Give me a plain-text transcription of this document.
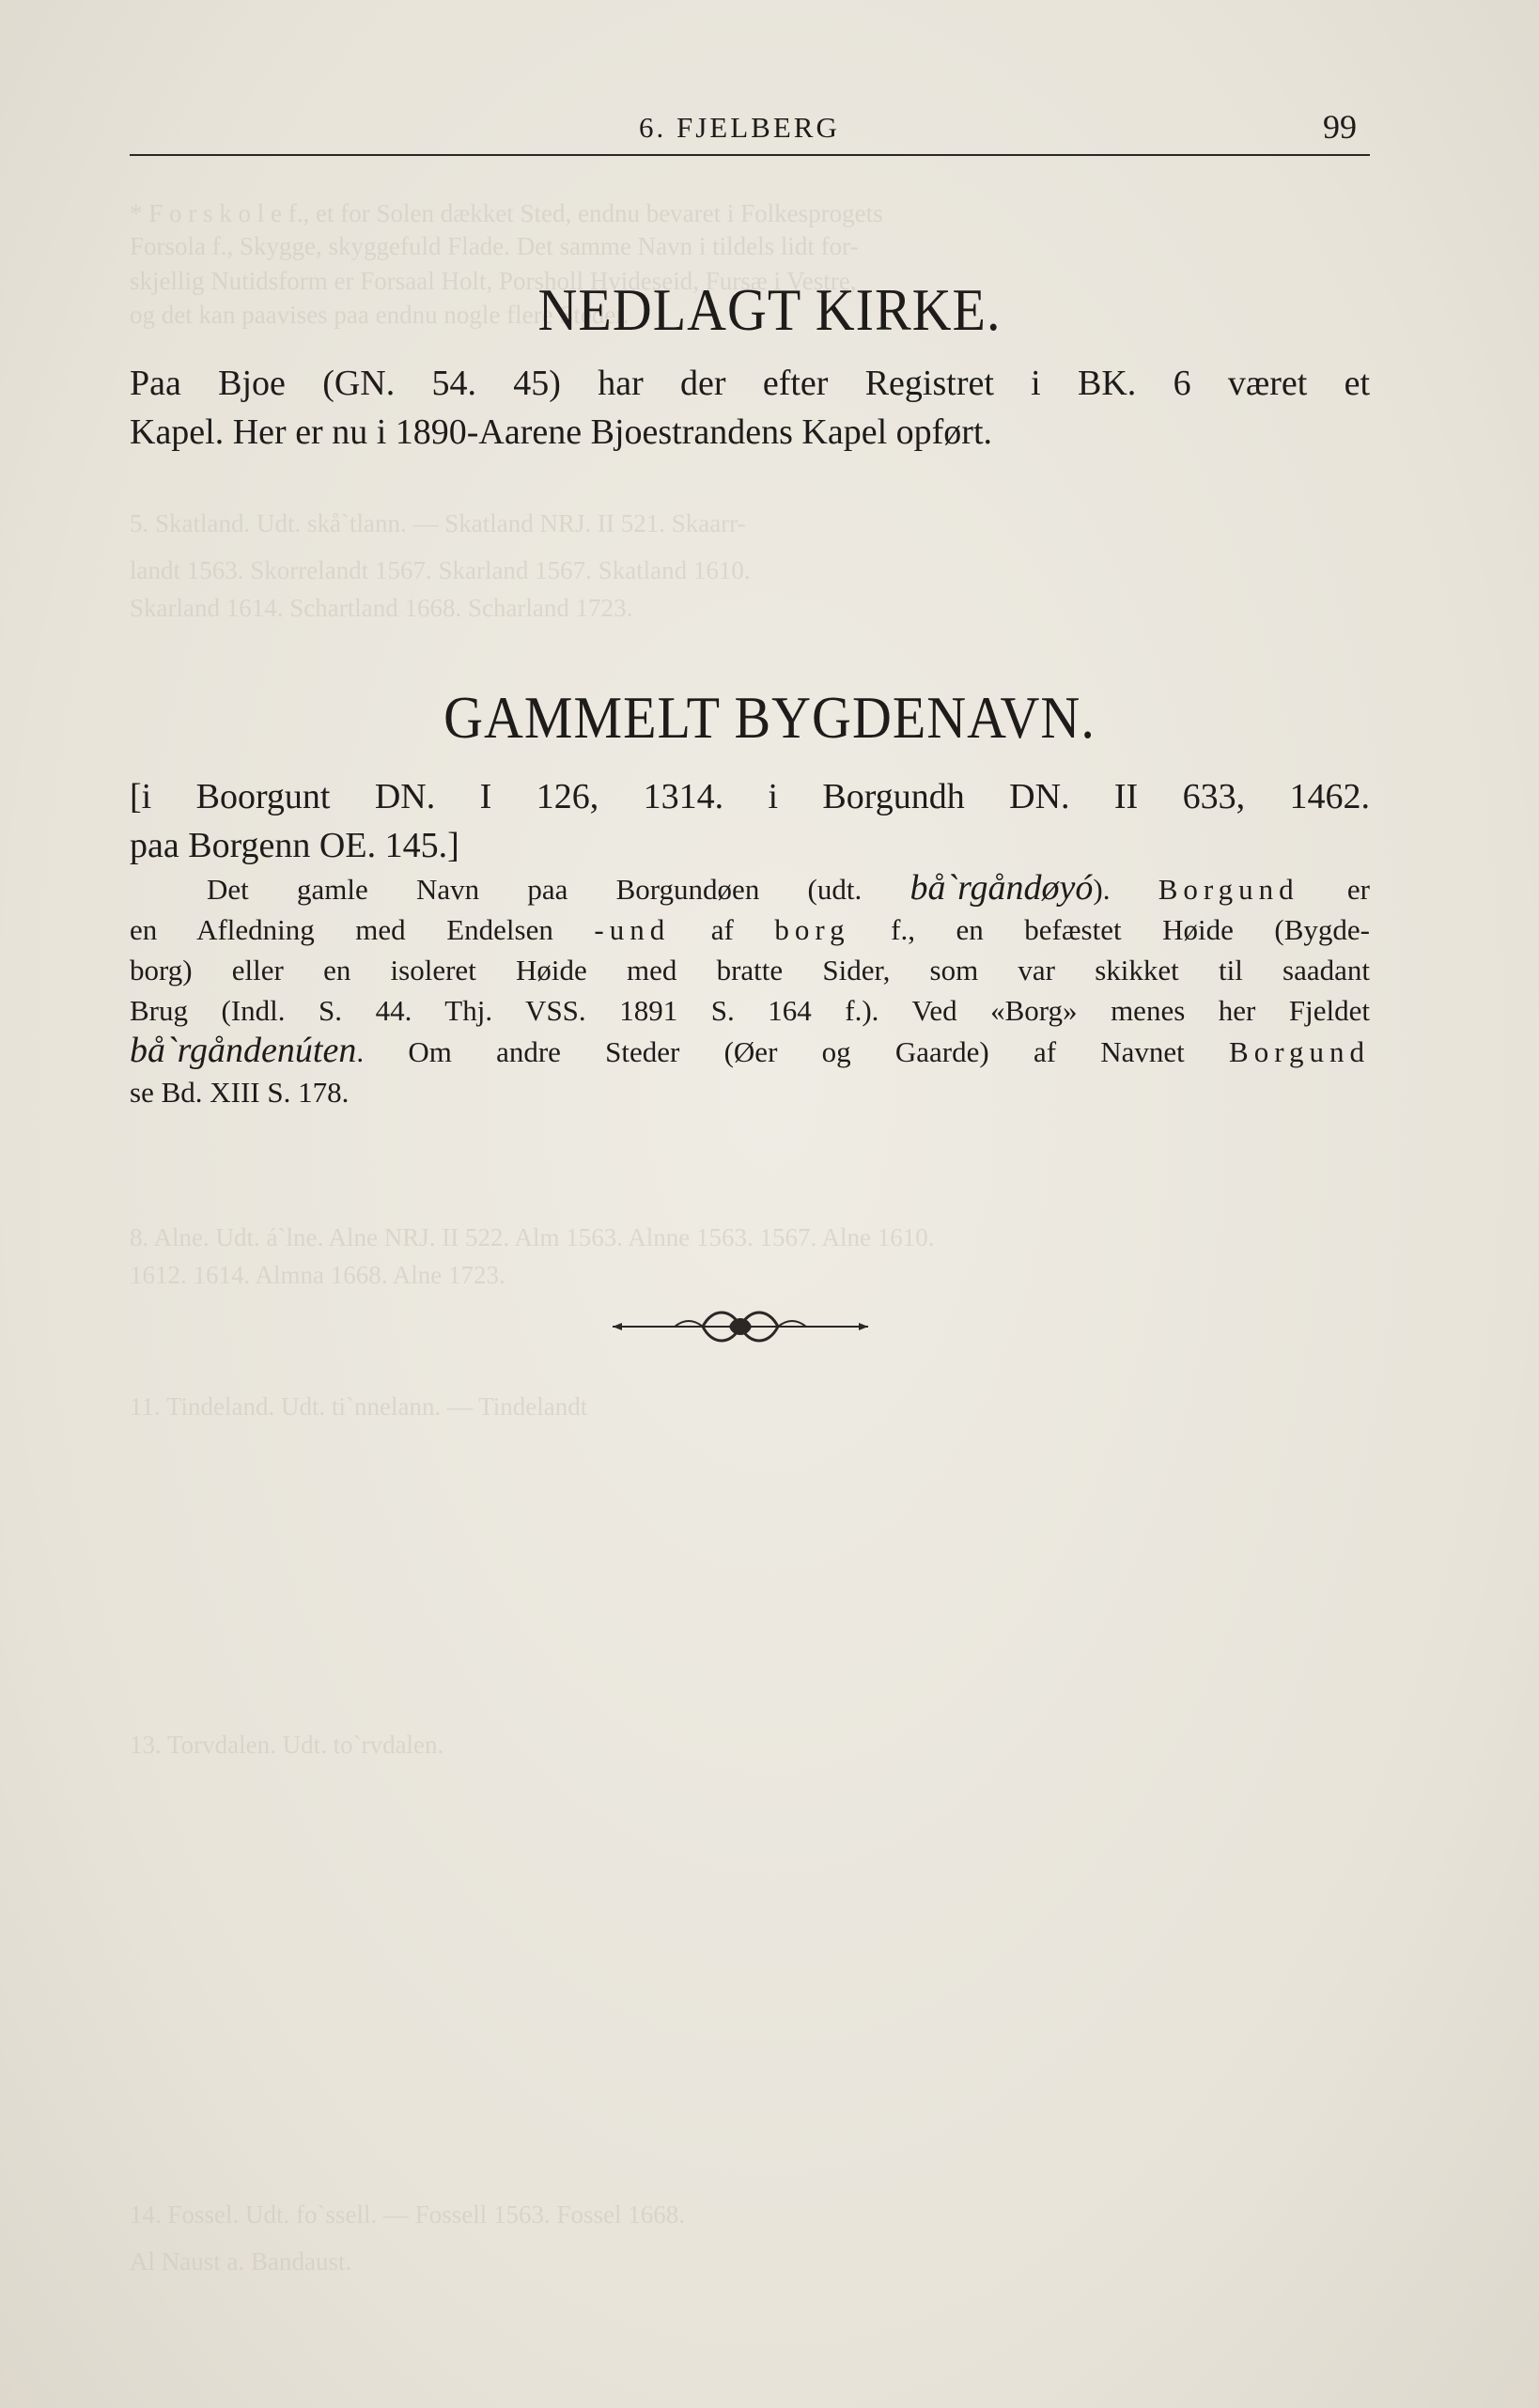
* F o r s k o l e f., et for Solen dækket Sted, endnu bevaret i Folkesprogets
Forsola f., Skygge, skyggefuld Flade. Det samme Navn i tildels lidt for-
skjellig Nutidsform er Forsaal Holt, Porsholl Hvideseid, Fursæ i Vestre,
og det kan paavises paa endnu nogle flere Steder.
5. Skatland. Udt. skå`tlann. — Skatland NRJ. II 521. Skaarr-
landt 1563. Skorrelandt 1567. Skarland 1567. Skatland 1610.
Skarland 1614. Schartland 1668. Scharland 1723.
8. Alne. Udt. á`lne. Alne NRJ. II 522. Alm 1563. Alnne 1563. 1567. Alne 1610.
1612. 1614. Almna 1668. Alne 1723.
11. Tindeland. Udt. ti`nnelann. — Tindelandt
13. Torvdalen. Udt. to`rvdalen.
14. Fossel. Udt. fo`ssell. — Fossell 1563. Fossel 1668.
Al Naust a. Bandaust.
6. FJELBERG	99
NEDLAGT KIRKE.
Paa Bjoe (GN. 54. 45) har der efter Registret i BK. 6 været et
Kapel. Her er nu i 1890-Aarene Bjoestrandens Kapel opført.
GAMMELT BYGDENAVN.
[i Boorgunt DN. I 126, 1314. i Borgundh DN. II 633, 1462.
paa Borgenn OE. 145.]
Det gamle Navn paa Borgundøen (udt. bå`rgåndøyó). Borgund er
en Afledning med Endelsen -und af borg f., en befæstet Høide (Bygde-
borg) eller en isoleret Høide med bratte Sider, som var skikket til saadant
Brug (Indl. S. 44. Thj. VSS. 1891 S. 164 f.). Ved «Borg» menes her Fjeldet
bå`rgåndenúten. Om andre Steder (Øer og Gaarde) af Navnet Borgund
se Bd. XIII S. 178.
